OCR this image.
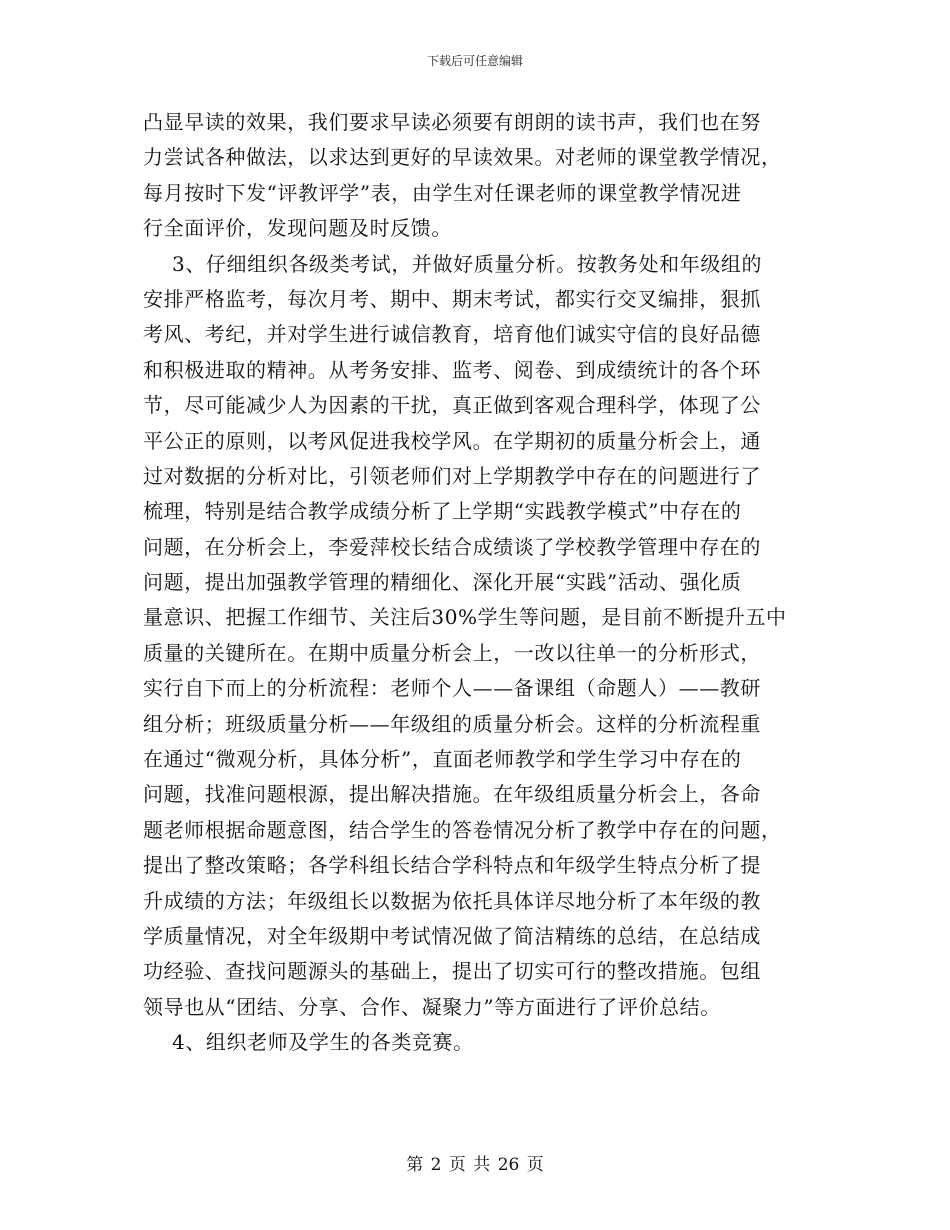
下载后可任意编辑
凸显早读的效果，我们要求早读必须要有朗朗的读书声，我们也在努
力尝试各种做法，以求达到更好的早读效果。对老师的课堂教学情况，
每月按时下发“评教评学”表，由学生对任课老师的课堂教学情况进
行全面评价，发现问题及时反馈。
3、仔细组织各级类考试，并做好质量分析。按教务处和年级组的
安排严格监考，每次月考、期中、期末考试，都实行交叉编排，狠抓
考风、考纪，并对学生进行诚信教育，培育他们诚实守信的良好品德
和积极进取的精神。从考务安排、监考、阅卷、到成绩统计的各个环
节，尽可能减少人为因素的干扰，真正做到客观合理科学，体现了公
平公正的原则，以考风促进我校学风。在学期初的质量分析会上，通
过对数据的分析对比，引领老师们对上学期教学中存在的问题进行了
梳理，特别是结合教学成绩分析了上学期“实践教学模式”中存在的
问题，在分析会上，李爱萍校长结合成绩谈了学校教学管理中存在的
问题，提出加强教学管理的精细化、深化开展“实践”活动、强化质
量意识、把握工作细节、关注后30%学生等问题，是目前不断提升五中
质量的关键所在。在期中质量分析会上，一改以往单一的分析形式，
实行自下而上的分析流程：老师个人——备课组（命题人）——教研
组分析；班级质量分析——年级组的质量分析会。这样的分析流程重
在通过“微观分析，具体分析”，直面老师教学和学生学习中存在的
问题，找准问题根源，提出解决措施。在年级组质量分析会上，各命
题老师根据命题意图，结合学生的答卷情况分析了教学中存在的问题，
提出了整改策略；各学科组长结合学科特点和年级学生特点分析了提
升成绩的方法；年级组长以数据为依托具体详尽地分析了本年级的教
学质量情况，对全年级期中考试情况做了简洁精练的总结，在总结成
功经验、查找问题源头的基础上，提出了切实可行的整改措施。包组
领导也从“团结、分享、合作、凝聚力”等方面进行了评价总结。
4、组织老师及学生的各类竞赛。
第 2 页 共 26 页
